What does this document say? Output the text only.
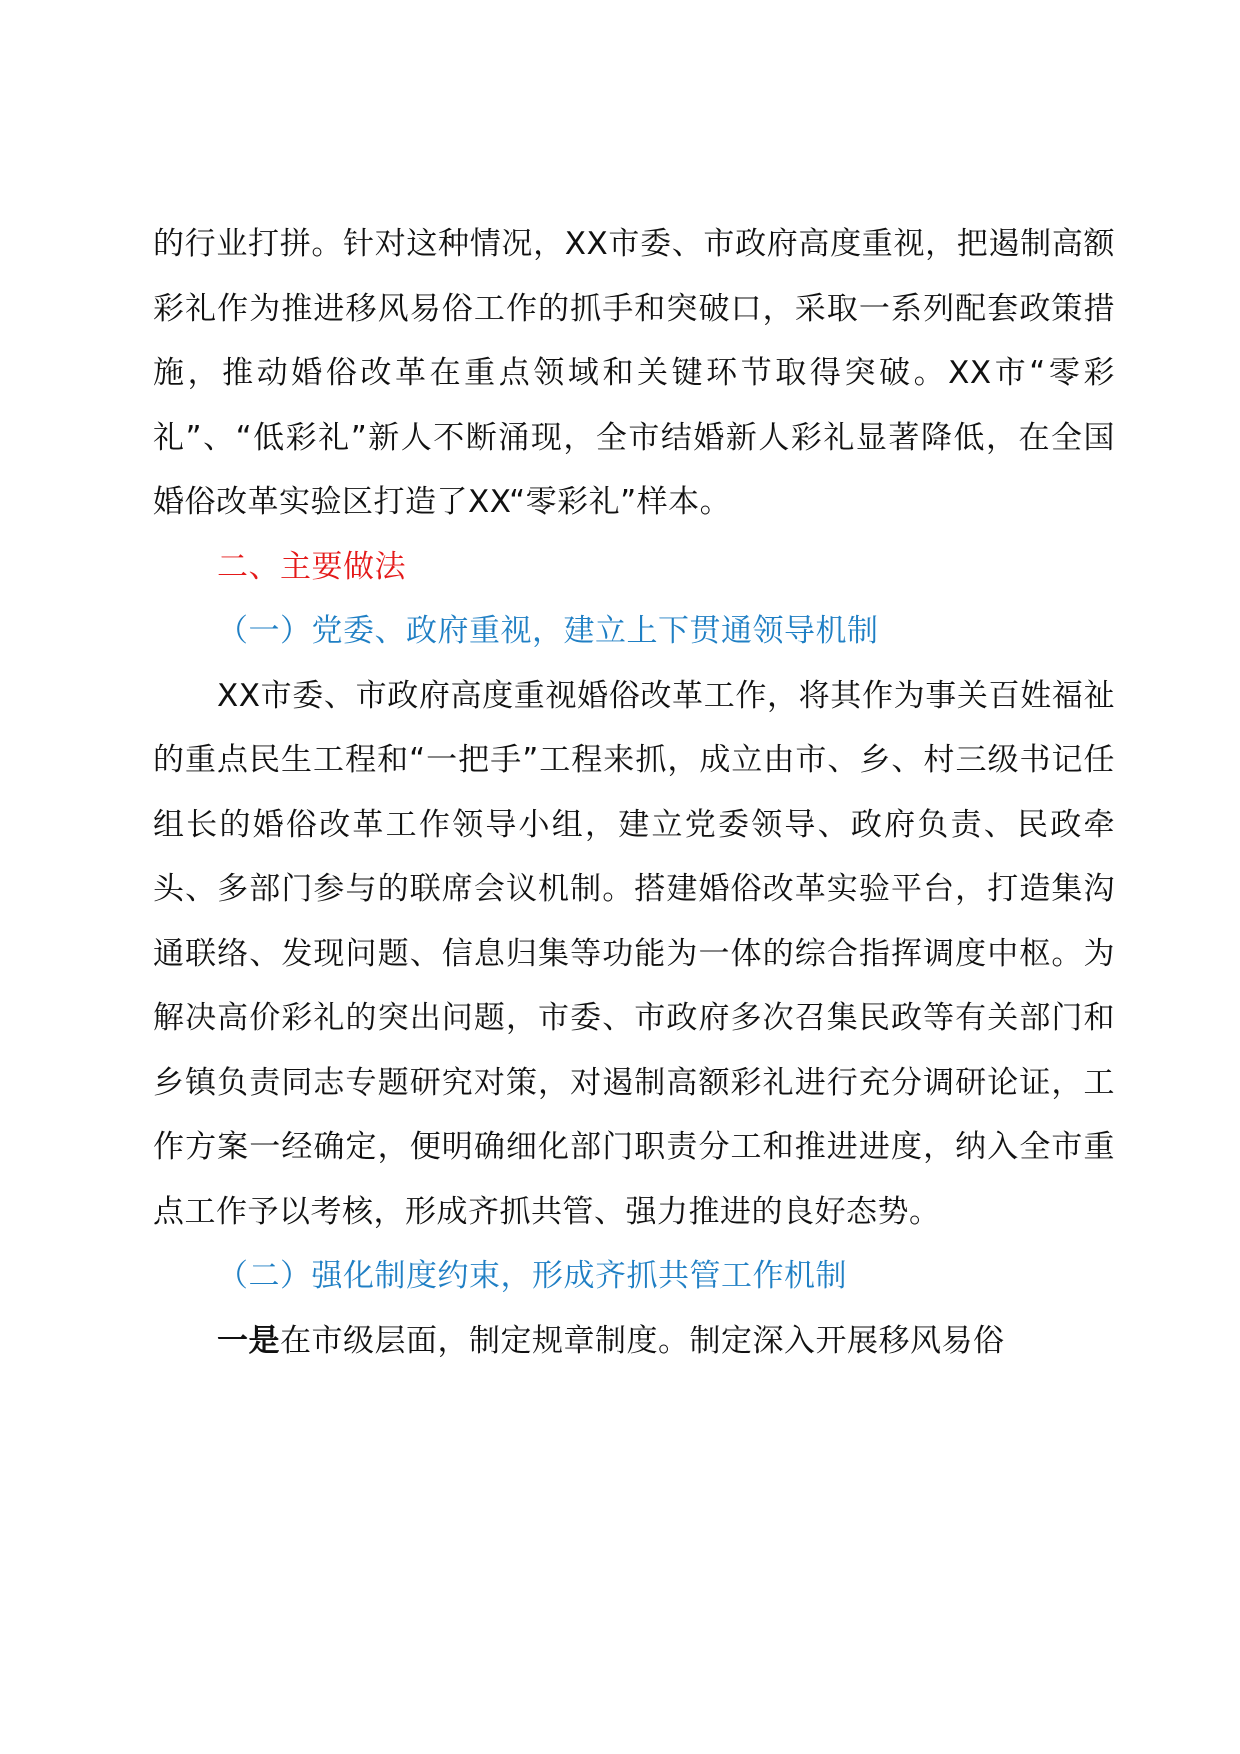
的行业打拼。针对这种情况，XX市委、市政府高度重视，把遏制高额彩礼作为推进移风易俗工作的抓手和突破口，采取一系列配套政策措施，推动婚俗改革在重点领域和关键环节取得突破。XX市“零彩礼”、“低彩礼”新人不断涌现，全市结婚新人彩礼显著降低，在全国婚俗改革实验区打造了XX“零彩礼”样本。

二、主要做法

（一）党委、政府重视，建立上下贯通领导机制

XX市委、市政府高度重视婚俗改革工作，将其作为事关百姓福祉的重点民生工程和“一把手”工程来抓，成立由市、乡、村三级书记任组长的婚俗改革工作领导小组，建立党委领导、政府负责、民政牵头、多部门参与的联席会议机制。搭建婚俗改革实验平台，打造集沟通联络、发现问题、信息归集等功能为一体的综合指挥调度中枢。为解决高价彩礼的突出问题，市委、市政府多次召集民政等有关部门和乡镇负责同志专题研究对策，对遏制高额彩礼进行充分调研论证，工作方案一经确定，便明确细化部门职责分工和推进进度，纳入全市重点工作予以考核，形成齐抓共管、强力推进的良好态势。

（二）强化制度约束，形成齐抓共管工作机制

一是在市级层面，制定规章制度。制定深入开展移风易俗
